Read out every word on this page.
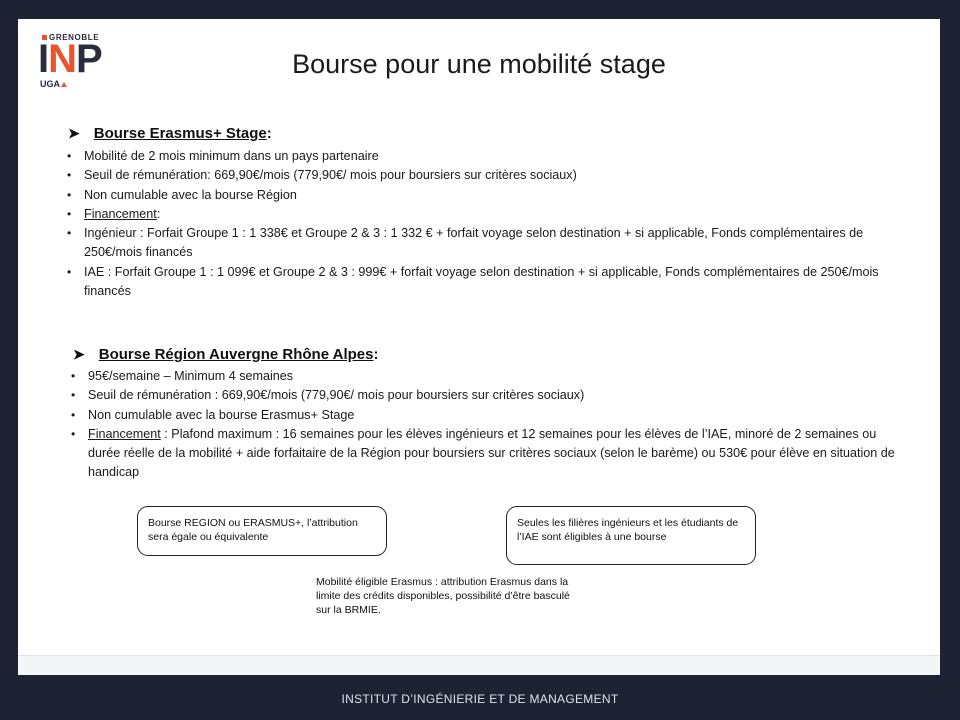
GRENOBLE
INP
UGA
Bourse pour une mobilité stage
➤ Bourse Erasmus+ Stage:
• Mobilité de 2 mois minimum dans un pays partenaire
• Seuil de rémunération: 669,90€/mois (779,90€/ mois pour boursiers sur critères sociaux)
• Non cumulable avec la bourse Région
• Financement:
• Ingénieur : Forfait Groupe 1 : 1 338€ et Groupe 2 & 3 : 1 332 € + forfait voyage selon destination + si applicable, Fonds complémentaires de 250€/mois financés
• IAE : Forfait Groupe 1 : 1 099€ et Groupe 2 & 3 : 999€ + forfait voyage selon destination + si applicable, Fonds complémentaires de 250€/mois financés
➤ Bourse Région Auvergne Rhône Alpes:
• 95€/semaine – Minimum 4 semaines
• Seuil de rémunération : 669,90€/mois (779,90€/ mois pour boursiers sur critères sociaux)
• Non cumulable avec la bourse Erasmus+ Stage
• Financement : Plafond maximum : 16 semaines pour les élèves ingénieurs et 12 semaines pour les élèves de l’IAE, minoré de 2 semaines ou durée réelle de la mobilité + aide forfaitaire de la Région pour boursiers sur critères sociaux (selon le barème) ou 530€ pour élève en situation de handicap
Bourse REGION ou ERASMUS+, l’attribution sera égale ou équivalente
Seules les filières ingénieurs et les étudiants de l’IAE sont éligibles à une bourse
Mobilité éligible Erasmus : attribution Erasmus dans la limite des crédits disponibles, possibilité d’être basculé sur la BRMIE.
INSTITUT D’INGÉNIERIE ET DE MANAGEMENT
